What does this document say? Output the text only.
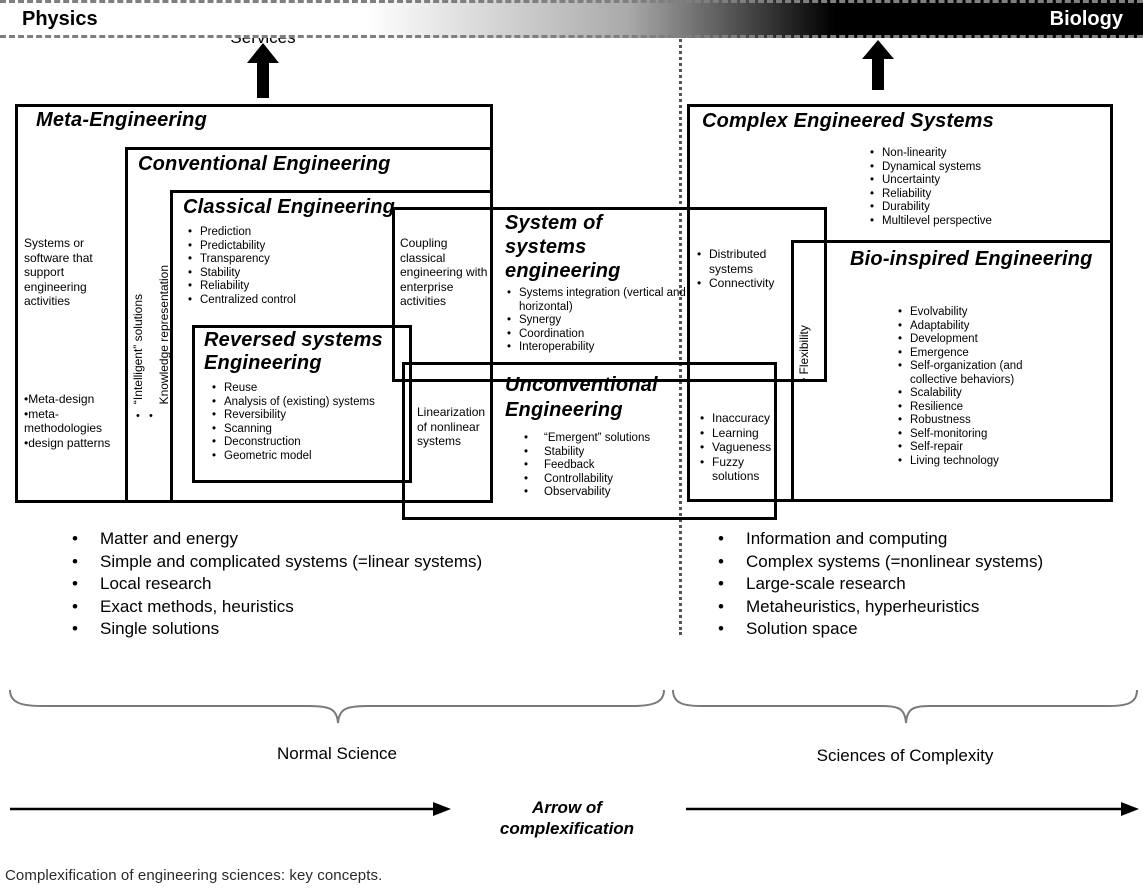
Meta-Engineering
Systems or software that support engineering activities
•Meta-design
•meta-methodologies
•design patterns
Conventional Engineering
“Intelligent” solutions Knowledge representation
•   •
Classical Engineering
• Prediction
• Predictability
• Transparency
• Stability
• Reliability
• Centralized control
Reversed systems Engineering
• Reuse
• Analysis of (existing) systems
• Reversibility
• Scanning
• Deconstruction
• Geometric model
Coupling classical engineering with enterprise activities
Linearization of nonlinear systems
System of systems engineering
• Systems integration (vertical and horizontal)
• Synergy
• Coordination
• Interoperability
Unconventional Engineering
• “Emergent” solutions
• Stability
• Feedback
• Controllability
• Observability
Complex Engineered Systems
• Non-linearity
• Dynamical systems
• Uncertainty
• Reliability
• Durability
• Multilevel perspective
• Distributed systems
• Connectivity
• Inaccuracy
• Learning
• Vagueness
• Fuzzy solutions
Bio-inspired Engineering
• Evolvability
• Adaptability
• Development
• Emergence
• Self-organization (and collective behaviors)
• Scalability
• Resilience
• Robustness
• Self-monitoring
• Self-repair
• Living technology
• Flexibility
• Matter and energy
• Simple and complicated systems (=linear systems)
• Local research
• Exact methods, heuristics
• Single solutions
• Information and computing
• Complex systems (=nonlinear systems)
• Large-scale research
• Metaheuristics, hyperheuristics
• Solution space
Physics	Biology
Normal Science	Sciences of Complexity
Arrow of
complexification
Complexification of engineering sciences: key concepts.
